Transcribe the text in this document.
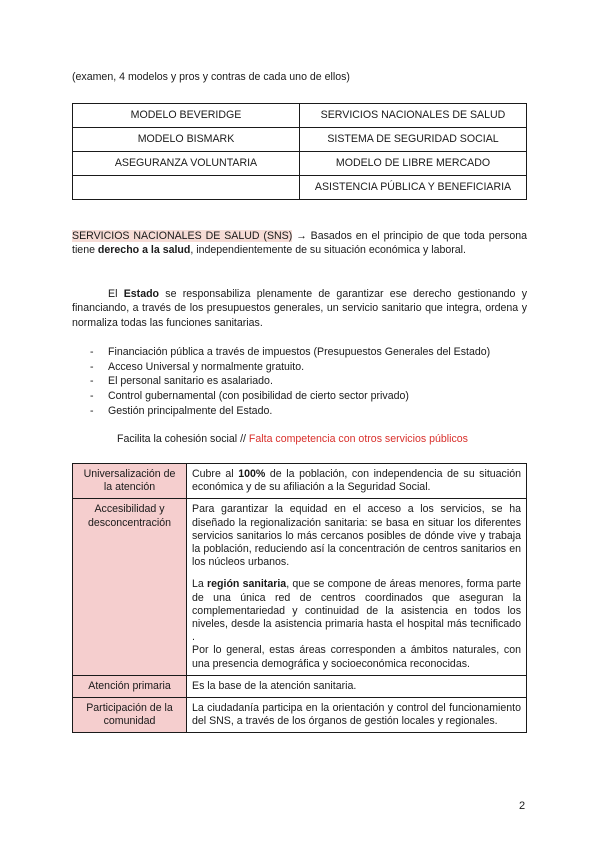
(examen, 4 modelos y pros y contras de cada uno de ellos)
MODELO BEVERIDGE	SERVICIOS NACIONALES DE SALUD
MODELO BISMARK	SISTEMA DE SEGURIDAD SOCIAL
ASEGURANZA VOLUNTARIA	MODELO DE LIBRE MERCADO
	ASISTENCIA PÚBLICA Y BENEFICIARIA
SERVICIOS NACIONALES DE SALUD (SNS) → Basados en el principio de que toda persona tiene derecho a la salud, independientemente de su situación económica y laboral.
El Estado se responsabiliza plenamente de garantizar ese derecho gestionando y financiando, a través de los presupuestos generales, un servicio sanitario que integra, ordena y normaliza todas las funciones sanitarias.
- Financiación pública a través de impuestos (Presupuestos Generales del Estado)
- Acceso Universal y normalmente gratuito.
- El personal sanitario es asalariado.
- Control gubernamental (con posibilidad de cierto sector privado)
- Gestión principalmente del Estado.
Facilita la cohesión social // Falta competencia con otros servicios públicos
Universalización de la atención	Cubre al 100% de la población, con independencia de su situación económica y de su afiliación a la Seguridad Social.
Accesibilidad y desconcentración	Para garantizar la equidad en el acceso a los servicios, se ha diseñado la regionalización sanitaria: se basa en situar los diferentes servicios sanitarios lo más cercanos posibles de dónde vive y trabaja la población, reduciendo así la concentración de centros sanitarios en los núcleos urbanos.

La región sanitaria, que se compone de áreas menores, forma parte de una única red de centros coordinados que aseguran la complementariedad y continuidad de la asistencia en todos los niveles, desde la asistencia primaria hasta el hospital más tecnificado .

Por lo general, estas áreas corresponden a ámbitos naturales, con una presencia demográfica y socioeconómica reconocidas.

Atención primaria	Es la base de la atención sanitaria.
Participación de la comunidad	La ciudadanía participa en la orientación y control del funcionamiento del SNS, a través de los órganos de gestión locales y regionales.
2
